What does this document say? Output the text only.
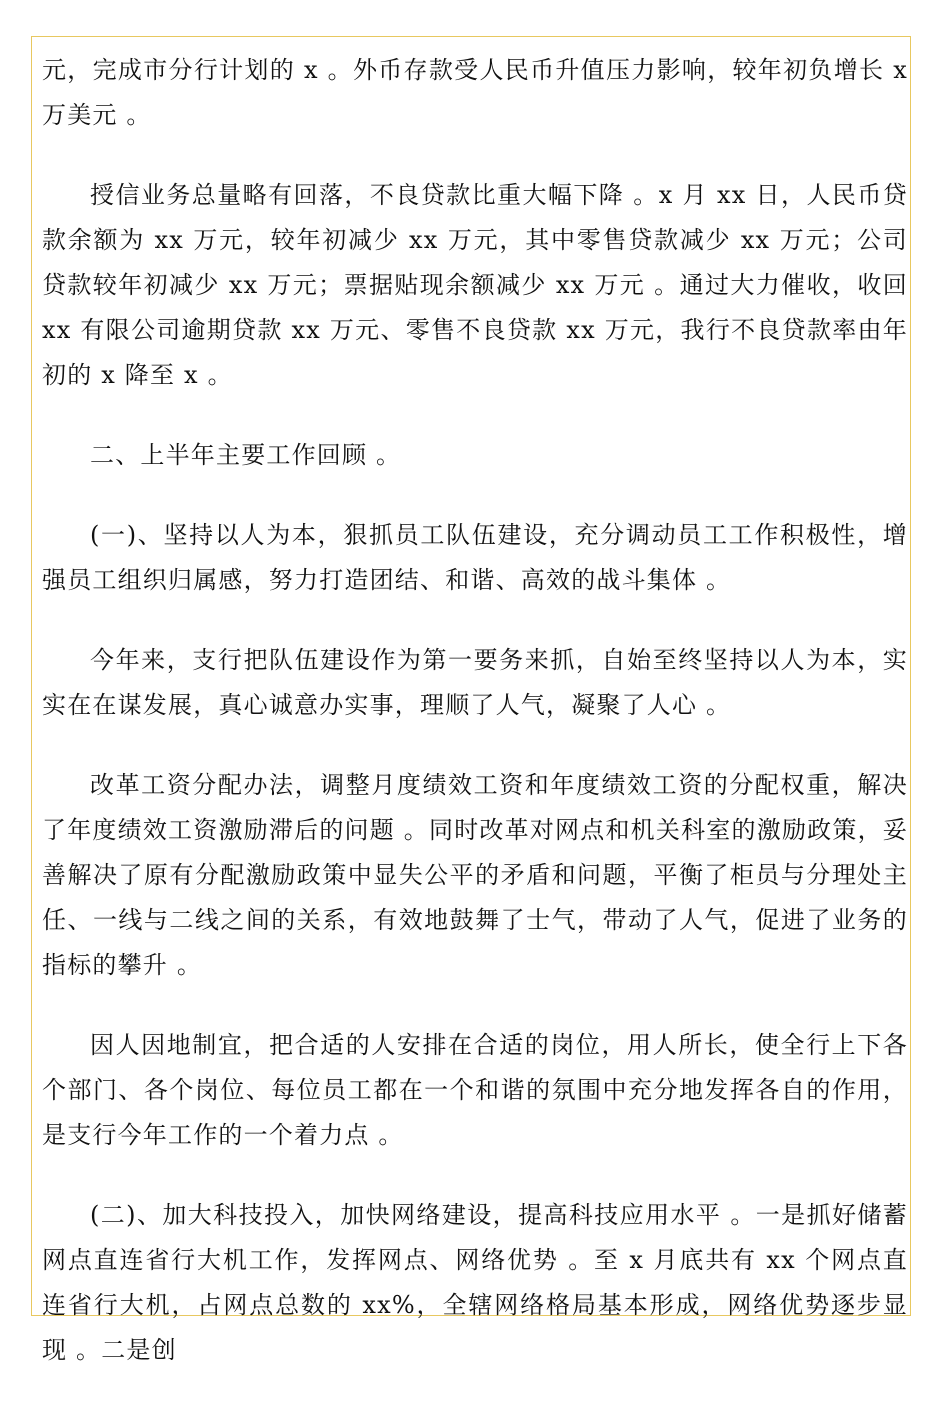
元，完成市分行计划的 x 。外币存款受人民币升值压力影响，较年初负增长 x 万美元 。

授信业务总量略有回落，不良贷款比重大幅下降 。x 月 xx 日，人民币贷款余额为 xx 万元，较年初减少 xx 万元，其中零售贷款减少 xx 万元；公司贷款较年初减少 xx 万元；票据贴现余额减少 xx 万元 。通过大力催收，收回 xx 有限公司逾期贷款 xx 万元、零售不良贷款 xx 万元，我行不良贷款率由年初的 x 降至 x 。

二、上半年主要工作回顾 。

(一)、坚持以人为本，狠抓员工队伍建设，充分调动员工工作积极性，增强员工组织归属感，努力打造团结、和谐、高效的战斗集体 。

今年来，支行把队伍建设作为第一要务来抓，自始至终坚持以人为本，实实在在谋发展，真心诚意办实事，理顺了人气，凝聚了人心 。

改革工资分配办法，调整月度绩效工资和年度绩效工资的分配权重，解决了年度绩效工资激励滞后的问题 。同时改革对网点和机关科室的激励政策，妥善解决了原有分配激励政策中显失公平的矛盾和问题，平衡了柜员与分理处主任、一线与二线之间的关系，有效地鼓舞了士气，带动了人气，促进了业务的指标的攀升 。

因人因地制宜，把合适的人安排在合适的岗位，用人所长，使全行上下各个部门、各个岗位、每位员工都在一个和谐的氛围中充分地发挥各自的作用，是支行今年工作的一个着力点 。

(二)、加大科技投入，加快网络建设，提高科技应用水平 。一是抓好储蓄网点直连省行大机工作，发挥网点、网络优势 。至 x 月底共有 xx 个网点直连省行大机，占网点总数的 xx%，全辖网络格局基本形成，网络优势逐步显现 。二是创
